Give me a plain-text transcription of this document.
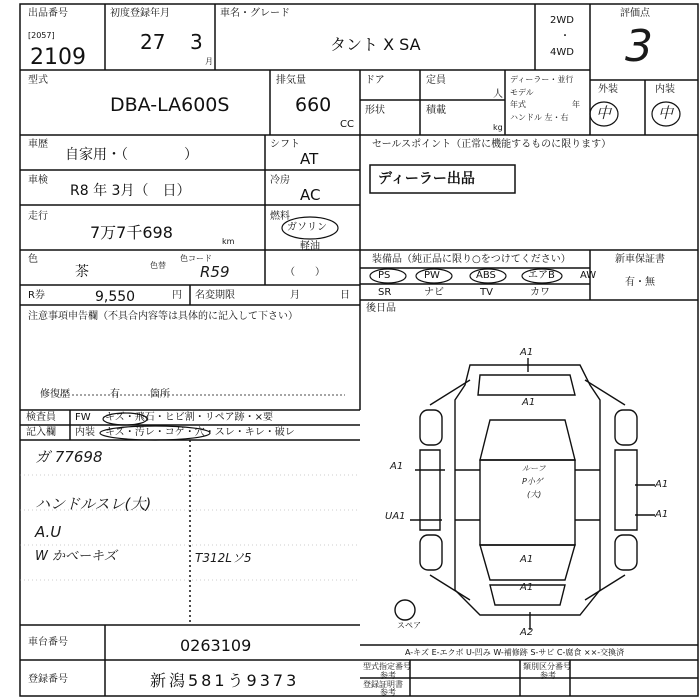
出品番号
[2057]
2109
初度登録年月
27 3
月
車名・グレード
タント X SA
2WD
・
4WD
評価点
3
型式
DBA-LA600S
排気量
660
CC
ドア
形状
定員
人
積載
kg
ディーラー・並行
モデル
年式	年
ハンドル 左・右
外装	内装
中	中
車歴
自家用・（　　　　）
シフト
AT
車検
R8 年 3月（　日）
冷房
AC
走行
7万7千698	km
燃料
ガソリン
軽油
色
茶	色替
色コード
R59	（　　）
R券	9,550	円 名変期限	月	日
注意事項申告欄（不具合内容等は具体的に記入して下さい）
修復歴	有	箇所
検査員 FW キズ・飛石・ヒビ割・リペア跡・×要
記入欄 内装 キズ・汚レ・コゲ・穴・スレ・キレ・破レ
ガ 77698
ハンドルスレ(大)
A.U
W かべーキズ	T312Lソ5
セールスポイント（正常に機能するものに限ります）
ディーラー出品
装備品（純正品に限り○をつけてください）
PS	PW	ABS	エアB	AW
SR	ナビ	TV	カワ
新車保証書
有・無
後日品
A1
A1
A1
A1
UA1	A1
A1
A1
A2
ルーフ
P小ゲ
(大)
スペア
A-キズ E-エクボ U-凹み W-補修跡 S-サビ C-腐食 ××-交換済
車台番号	0263109
登録番号	新潟581う9373
型式指定番号
参考
類別区分番号
参考
登録証明書
参考
